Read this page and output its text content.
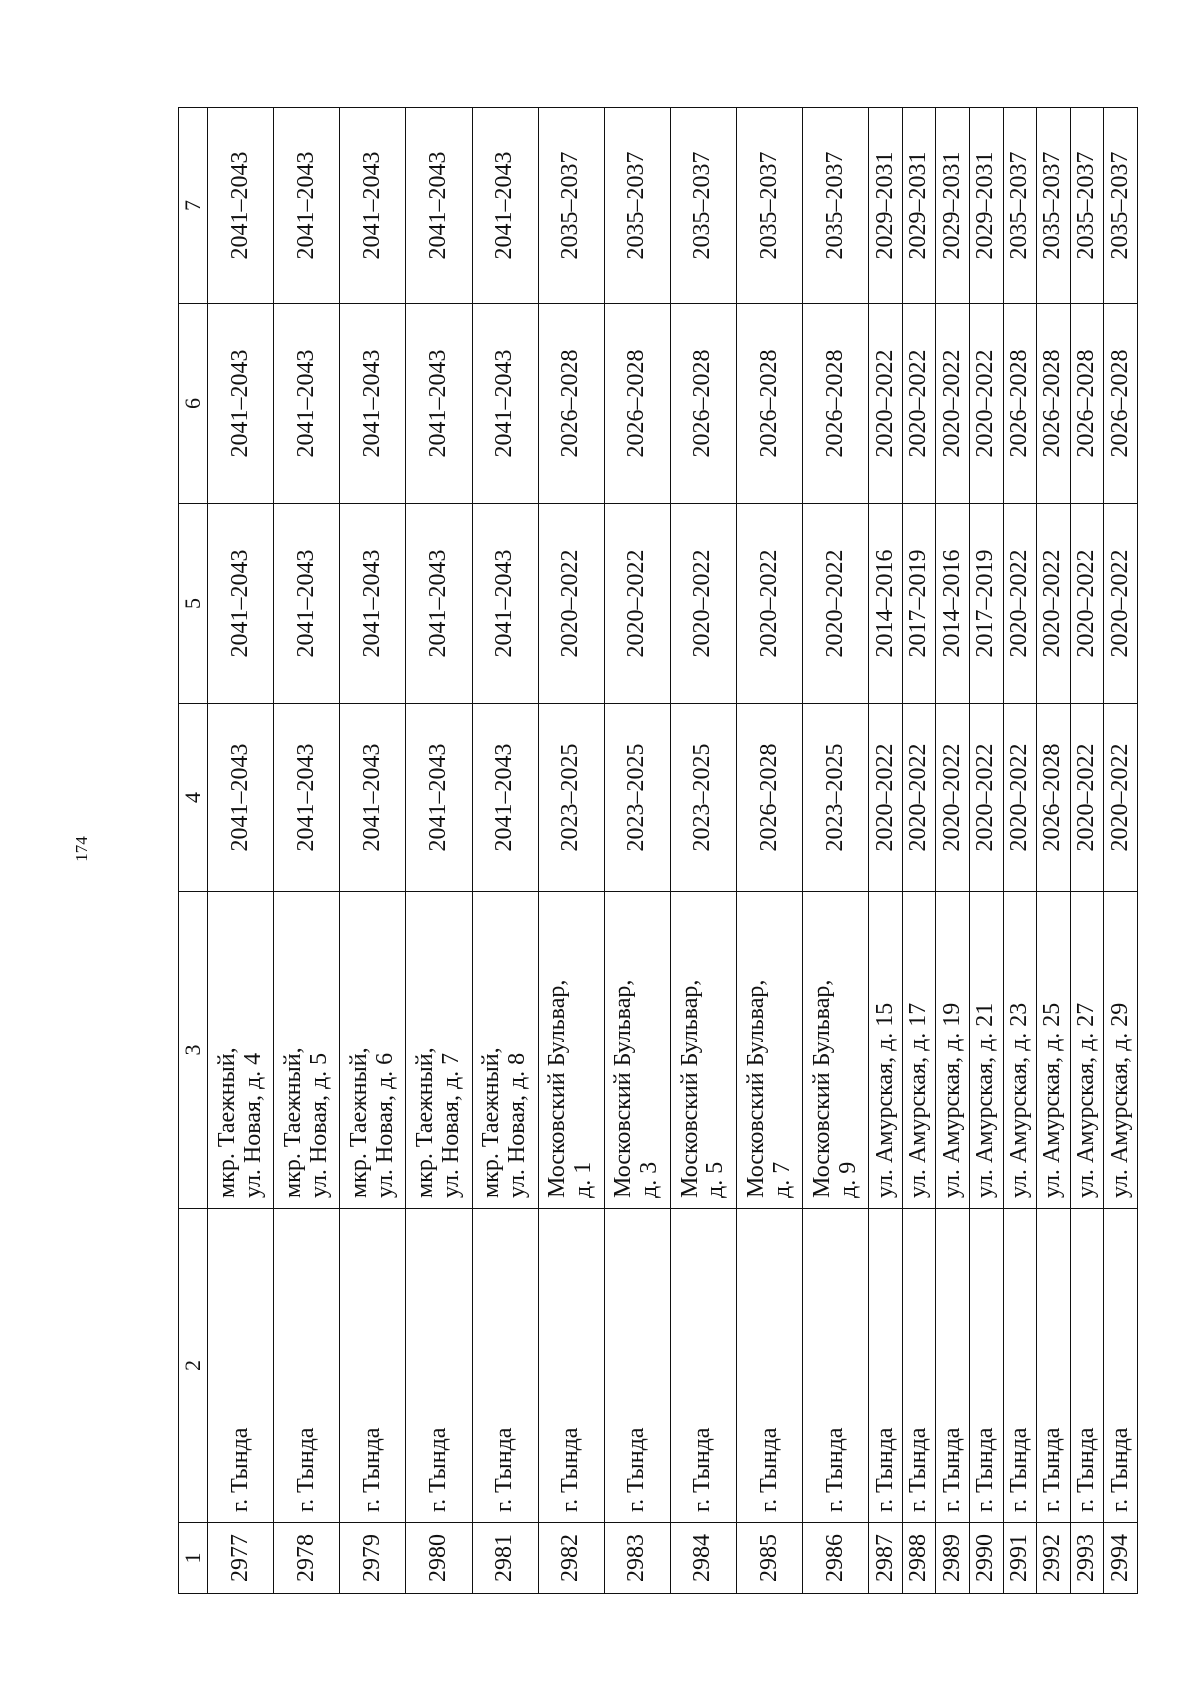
174
1	2	3	4	5	6	7
2977	г. Тында	мкр. Таежный,
ул. Новая, д. 4	2041–2043	2041–2043	2041–2043	2041–2043
2978	г. Тында	мкр. Таежный,
ул. Новая, д. 5	2041–2043	2041–2043	2041–2043	2041–2043
2979	г. Тында	мкр. Таежный,
ул. Новая, д. 6	2041–2043	2041–2043	2041–2043	2041–2043
2980	г. Тында	мкр. Таежный,
ул. Новая, д. 7	2041–2043	2041–2043	2041–2043	2041–2043
2981	г. Тында	мкр. Таежный,
ул. Новая, д. 8	2041–2043	2041–2043	2041–2043	2041–2043
2982	г. Тында	Московский Бульвар,
д. 1	2023–2025	2020–2022	2026–2028	2035–2037
2983	г. Тында	Московский Бульвар,
д. 3	2023–2025	2020–2022	2026–2028	2035–2037
2984	г. Тында	Московский Бульвар,
д. 5	2023–2025	2020–2022	2026–2028	2035–2037
2985	г. Тында	Московский Бульвар,
д. 7	2026–2028	2020–2022	2026–2028	2035–2037
2986	г. Тында	Московский Бульвар,
д. 9	2023–2025	2020–2022	2026–2028	2035–2037
2987	г. Тында	ул. Амурская, д. 15	2020–2022	2014–2016	2020–2022	2029–2031
2988	г. Тында	ул. Амурская, д. 17	2020–2022	2017–2019	2020–2022	2029–2031
2989	г. Тында	ул. Амурская, д. 19	2020–2022	2014–2016	2020–2022	2029–2031
2990	г. Тында	ул. Амурская, д. 21	2020–2022	2017–2019	2020–2022	2029–2031
2991	г. Тында	ул. Амурская, д. 23	2020–2022	2020–2022	2026–2028	2035–2037
2992	г. Тында	ул. Амурская, д. 25	2026–2028	2020–2022	2026–2028	2035–2037
2993	г. Тында	ул. Амурская, д. 27	2020–2022	2020–2022	2026–2028	2035–2037
2994	г. Тында	ул. Амурская, д. 29	2020–2022	2020–2022	2026–2028	2035–2037
